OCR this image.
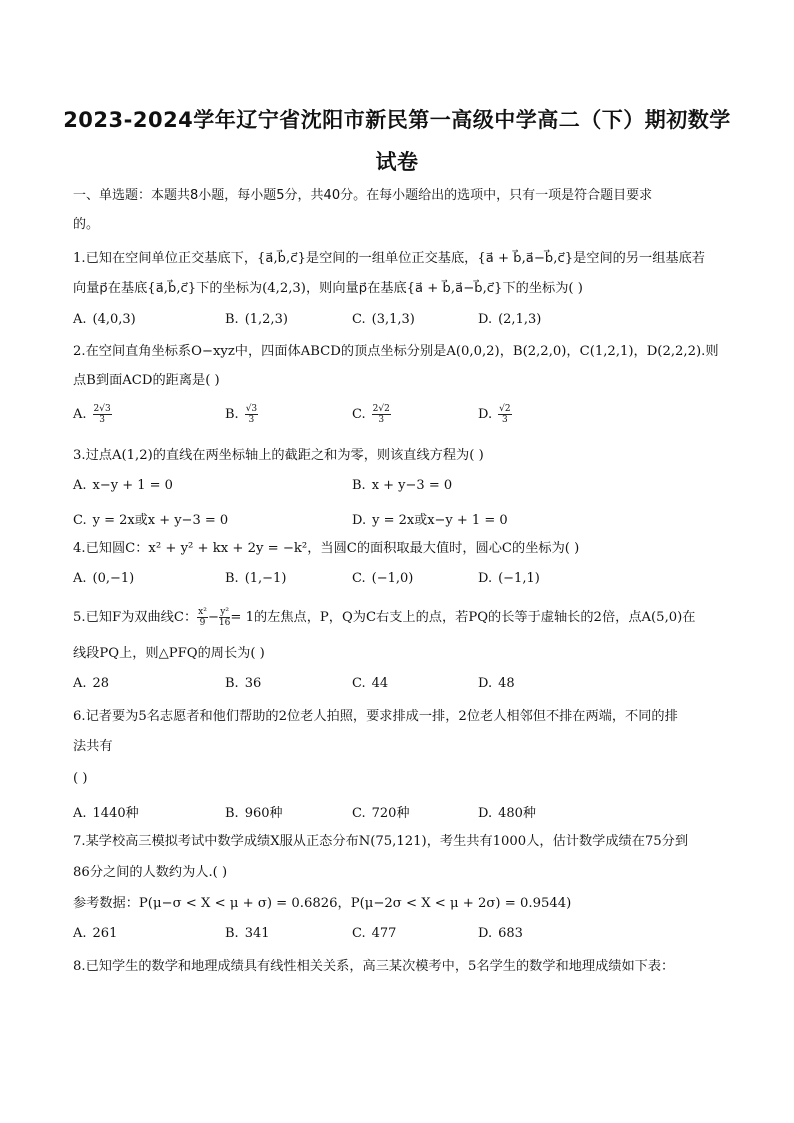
2023-2024学年辽宁省沈阳市新民第一高级中学高二（下）期初数学
试卷
一、单选题：本题共8小题，每小题5分，共40分。在每小题给出的选项中，只有一项是符合题目要求
的。
1.已知在空间单位正交基底下，{a⃗,b⃗,c⃗}是空间的一组单位正交基底，{a⃗ + b⃗,a⃗−b⃗,c⃗}是空间的另一组基底若
向量p⃗在基底{a⃗,b⃗,c⃗}下的坐标为(4,2,3)，则向量p⃗在基底{a⃗ + b⃗,a⃗−b⃗,c⃗}下的坐标为( )
A. (4,0,3)	B. (1,2,3)	C. (3,1,3)	D. (2,1,3)
2.在空间直角坐标系O−xyz中，四面体ABCD的顶点坐标分别是A(0,0,2)，B(2,2,0)，C(1,2,1)，D(2,2,2).则
点B到面ACD的距离是( )
A. $\frac{2√3}{3}$	B. $\frac{√3}{3}$	C. $\frac{2√2}{3}$	D. $\frac{√2}{3}$
3.过点A(1,2)的直线在两坐标轴上的截距之和为零，则该直线方程为( )
A. x−y + 1 = 0	B. x + y−3 = 0
C. y = 2x或x + y−3 = 0	D. y = 2x或x−y + 1 = 0
4.已知圆C：x² + y² + kx + 2y = −k²，当圆C的面积取最大值时，圆心C的坐标为( )
A. (0,−1)	B. (1,−1)	C. (−1,0)	D. (−1,1)
5.已知F为双曲线C： $\frac{\text{x²}}{9} - \frac{\text{y²}}{16} = 1$的左焦点，P，Q为C右支上的点，若PQ的长等于虚轴长的2倍，点A(5,0)在
线段PQ上，则△PFQ的周长为( )
A. 28	B. 36	C. 44	D. 48
6.记者要为5名志愿者和他们帮助的2位老人拍照，要求排成一排，2位老人相邻但不排在两端，不同的排
法共有
( )
A. 1440种	B. 960种	C. 720种	D. 480种
7.某学校高三模拟考试中数学成绩X服从正态分布N(75,121)，考生共有1000人，估计数学成绩在75分到
86分之间的人数约为人.( )
参考数据：P(μ−σ < X < μ + σ) = 0.6826，P(μ−2σ < X < μ + 2σ) = 0.9544)
A. 261	B. 341	C. 477	D. 683
8.已知学生的数学和地理成绩具有线性相关关系，高三某次模考中，5名学生的数学和地理成绩如下表：
